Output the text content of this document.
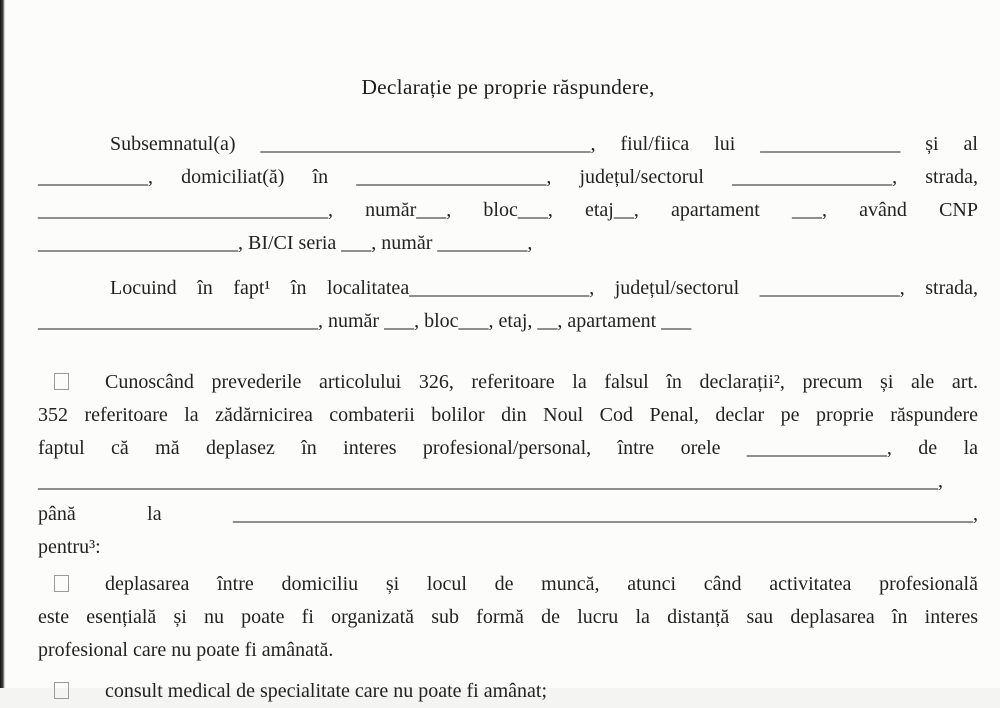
Declarație pe proprie răspundere,
Subsemnatul(a) _________________________________, fiul/fiica lui ______________ și al
___________, domiciliat(ă) în ___________________, județul/sectorul ________________, strada,
_____________________________, număr___, bloc___, etaj__, apartament ___, având CNP
____________________, BI/CI seria ___, număr _________,
Locuind în fapt¹ în localitatea__________________, județul/sectorul ______________, strada,
____________________________, număr ___, bloc___, etaj, __, apartament ___
Cunoscând prevederile articolului 326, referitoare la falsul în declarații², precum și ale art.
352 referitoare la zădărnicirea combaterii bolilor din Noul Cod Penal, declar pe proprie răspundere
faptul că mă deplasez în interes profesional/personal, între orele ______________, de la
__________________________________________________________________________________________,
până la __________________________________________________________________________,
pentru³:
deplasarea între domiciliu și locul de muncă, atunci când activitatea profesională
este esențială și nu poate fi organizată sub formă de lucru la distanță sau deplasarea în interes
profesional care nu poate fi amânată.
consult medical de specialitate care nu poate fi amânat;
